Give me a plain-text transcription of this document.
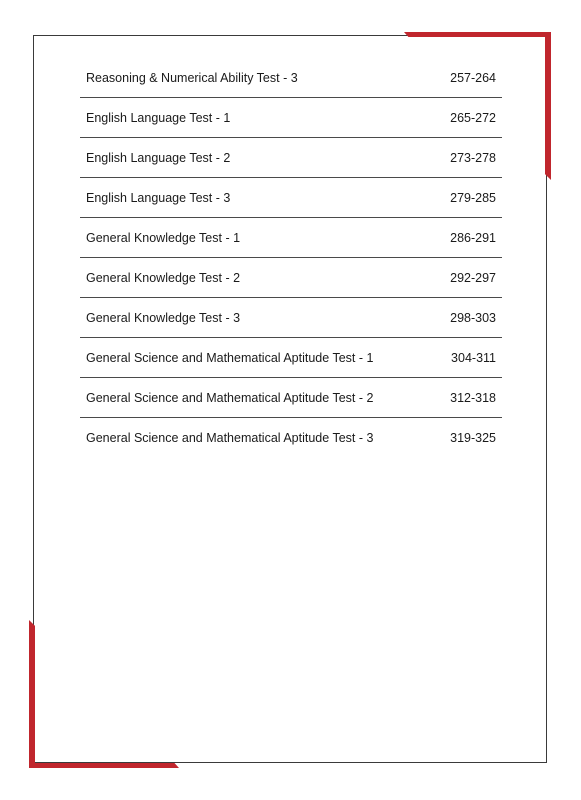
Reasoning & Numerical Ability Test - 3	257-264
English Language Test - 1	265-272
English Language Test - 2	273-278
English Language Test - 3	279-285
General Knowledge Test - 1	286-291
General Knowledge Test - 2	292-297
General Knowledge Test - 3	298-303
General Science and Mathematical Aptitude Test - 1	304-311
General Science and Mathematical Aptitude Test - 2	312-318
General Science and Mathematical Aptitude Test - 3	319-325
